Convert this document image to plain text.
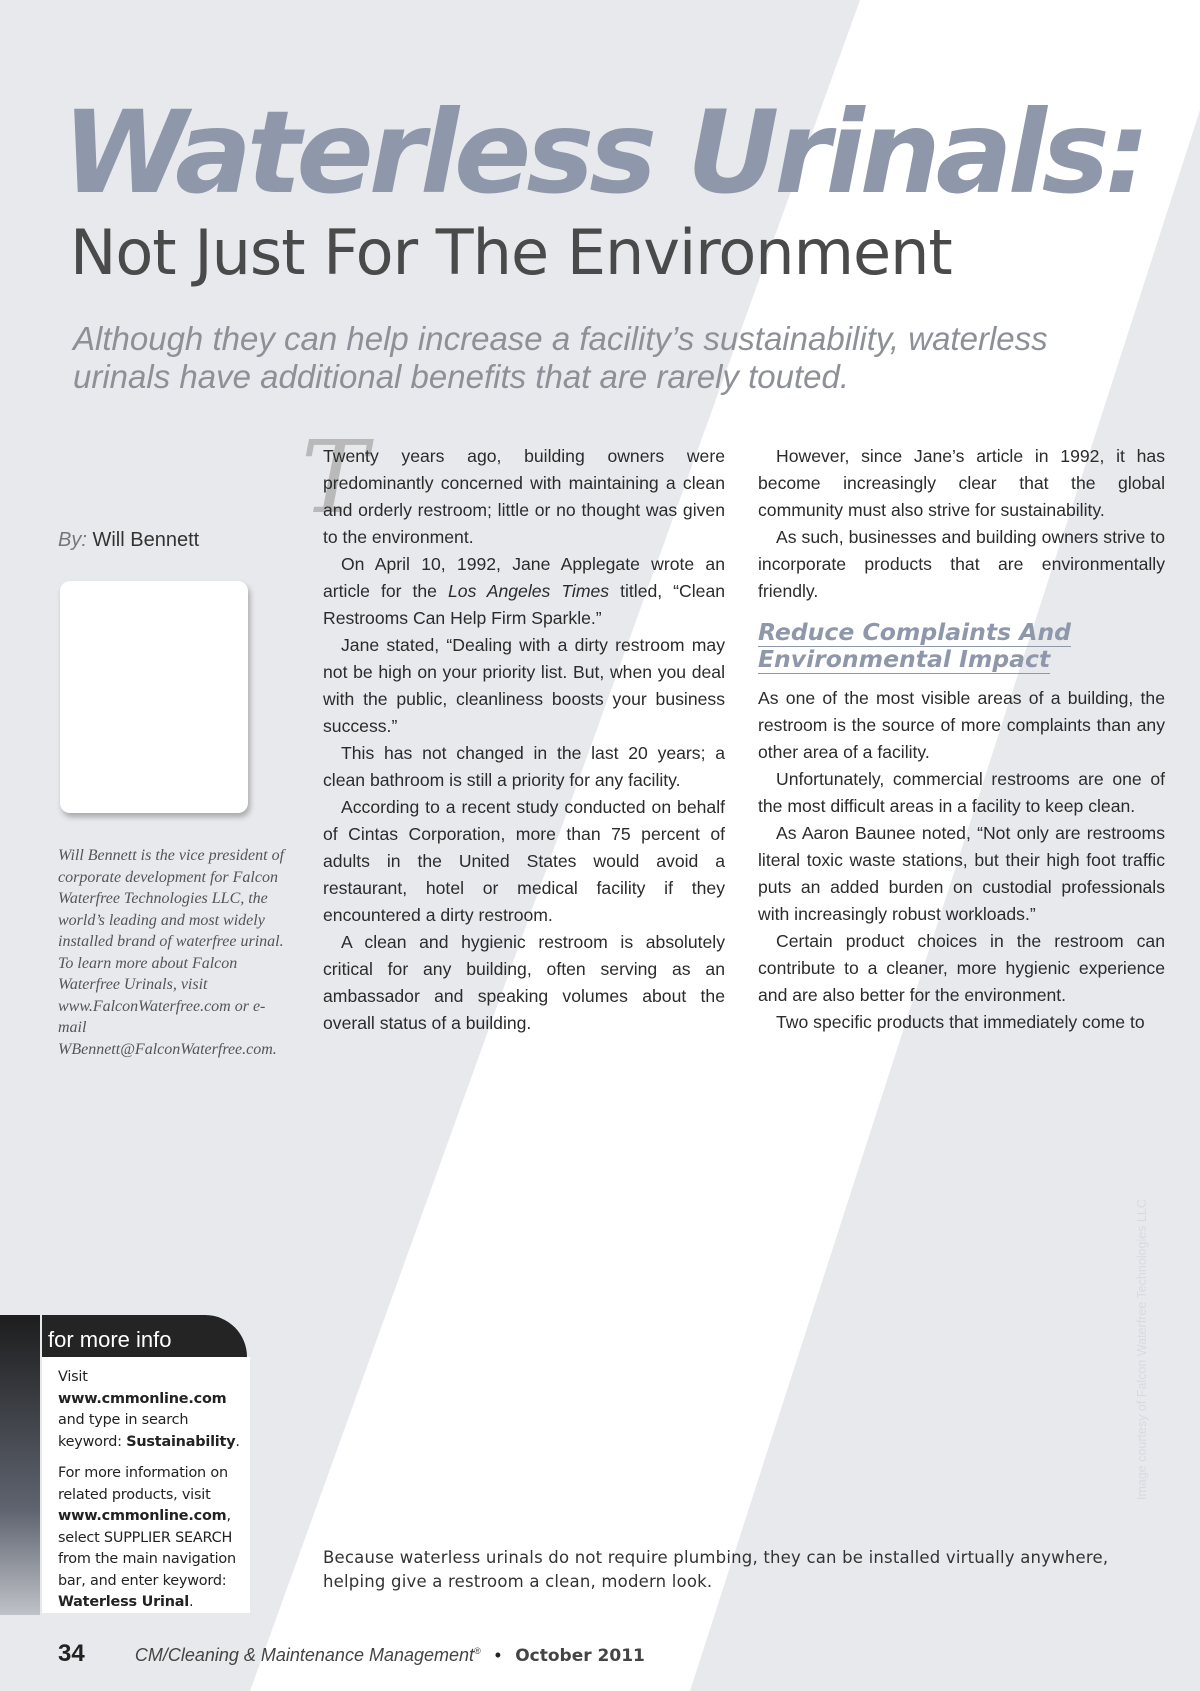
Waterless Urinals:
Not Just For The Environment
Although they can help increase a facility’s sustainability, waterless urinals have additional benefits that are rarely touted.
By: Will Bennett
Will Bennett is the vice president of corporate development for Falcon Waterfree Technologies LLC, the world’s leading and most widely installed brand of waterfree urinal. To learn more about Falcon Waterfree Urinals, visit www.FalconWaterfree.com or e-mail WBennett@FalconWaterfree.com.
T

Twenty years ago, building owners were predominantly concerned with maintaining a clean and orderly restroom; little or no thought was given to the environment.

On April 10, 1992, Jane Applegate wrote an article for the Los Angeles Times titled, “Clean Restrooms Can Help Firm Sparkle.”

Jane stated, “Dealing with a dirty restroom may not be high on your priority list. But, when you deal with the public, cleanliness boosts your business success.”

This has not changed in the last 20 years; a clean bathroom is still a priority for any facility.

According to a recent study conducted on behalf of Cintas Corporation, more than 75 percent of adults in the United States would avoid a restaurant, hotel or medical facility if they encountered a dirty restroom.

A clean and hygienic restroom is absolutely critical for any building, often serving as an ambassador and speaking volumes about the overall status of a building.

However, since Jane’s article in 1992, it has become increasingly clear that the global community must also strive for sustainability.

As such, businesses and building owners strive to incorporate products that are environmentally friendly.

Reduce Complaints And
Environmental Impact

As one of the most visible areas of a building, the restroom is the source of more complaints than any other area of a facility.

Unfortunately, commercial restrooms are one of the most difficult areas in a facility to keep clean.

As Aaron Baunee noted, “Not only are restrooms literal toxic waste stations, but their high foot traffic puts an added burden on custodial professionals with increasingly robust workloads.”

Certain product choices in the restroom can contribute to a cleaner, more hygienic experience and are also better for the environment.

Two specific products that immediately come to

Image courtesy of Falcon Waterfree Technologies LLC
for more info

Visit www.cmmonline.com and type in search keyword: Sustainability.

For more information on related products, visit www.cmmonline.com, select SUPPLIER SEARCH from the main navigation bar, and enter keyword: Waterless Urinal.

Because waterless urinals do not require plumbing, they can be installed virtually anywhere, helping give a restroom a clean, modern look.
34	CM/Cleaning & Maintenance Management® • October 2011
